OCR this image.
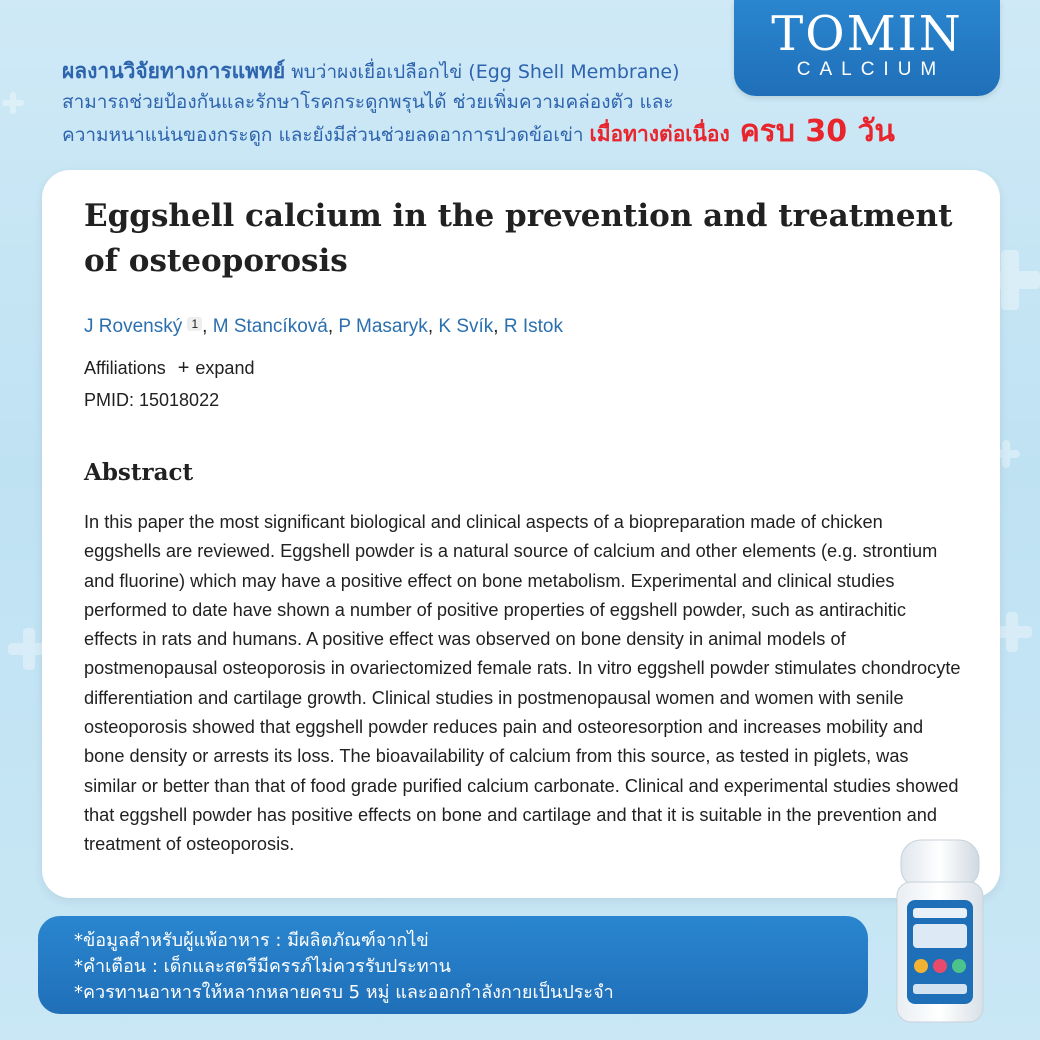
TOMIN
CALCIUM
ผลงานวิจัยทางการแพทย์ พบว่าผงเยื่อเปลือกไข่ (Egg Shell Membrane)
สามารถช่วยป้องกันและรักษาโรคกระดูกพรุนได้ ช่วยเพิ่มความคล่องตัว และ
ความหนาแน่นของกระดูก และยังมีส่วนช่วยลดอาการปวดข้อเข่า เมื่อทางต่อเนื่อง ครบ 30 วัน
Eggshell calcium in the prevention and treatment of osteoporosis
J Rovenský $^1$ , M Stancíková, P Masaryk, K Svík, R Istok
Affiliations + expand
PMID: 15018022
Abstract

In this paper the most significant biological and clinical aspects of a biopreparation made of chicken eggshells are reviewed. Eggshell powder is a natural source of calcium and other elements (e.g. strontium and fluorine) which may have a positive effect on bone metabolism. Experimental and clinical studies performed to date have shown a number of positive properties of eggshell powder, such as antirachitic effects in rats and humans. A positive effect was observed on bone density in animal models of postmenopausal osteoporosis in ovariectomized female rats. In vitro eggshell powder stimulates chondrocyte differentiation and cartilage growth. Clinical studies in postmenopausal women and women with senile osteoporosis showed that eggshell powder reduces pain and osteoresorption and increases mobility and bone density or arrests its loss. The bioavailability of calcium from this source, as tested in piglets, was similar or better than that of food grade purified calcium carbonate. Clinical and experimental studies showed that eggshell powder has positive effects on bone and cartilage and that it is suitable in the prevention and treatment of osteoporosis.

*ข้อมูลสำหรับผู้แพ้อาหาร : มีผลิตภัณฑ์จากไข่
*คำเตือน : เด็กและสตรีมีครรภ์ไม่ควรรับประทาน
*ควรทานอาหารให้หลากหลายครบ 5 หมู่ และออกกำลังกายเป็นประจำ
